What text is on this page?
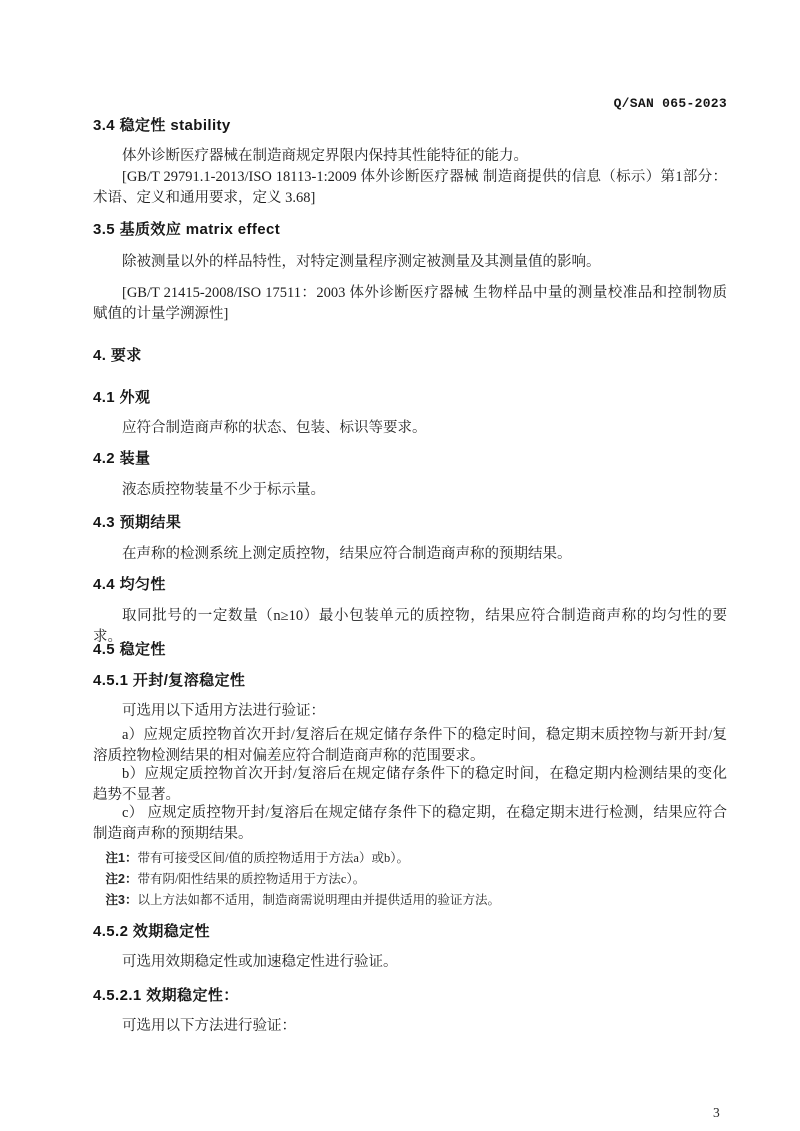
Q/SAN 065-2023
3.4 稳定性 stability
体外诊断医疗器械在制造商规定界限内保持其性能特征的能力。
[GB/T 29791.1-2013/ISO 18113-1:2009 体外诊断医疗器械 制造商提供的信息（标示）第1部分：术语、定义和通用要求，定义 3.68]
3.5 基质效应 matrix effect
除被测量以外的样品特性，对特定测量程序测定被测量及其测量值的影响。
[GB/T 21415-2008/ISO 17511：2003 体外诊断医疗器械 生物样品中量的测量校准品和控制物质赋值的计量学溯源性]
4. 要求
4.1 外观
应符合制造商声称的状态、包装、标识等要求。
4.2 装量
液态质控物装量不少于标示量。
4.3 预期结果
在声称的检测系统上测定质控物，结果应符合制造商声称的预期结果。
4.4 均匀性
取同批号的一定数量（n≥10）最小包装单元的质控物，结果应符合制造商声称的均匀性的要求。
4.5 稳定性
4.5.1 开封/复溶稳定性
可选用以下适用方法进行验证：
a）应规定质控物首次开封/复溶后在规定储存条件下的稳定时间，稳定期末质控物与新开封/复溶质控物检测结果的相对偏差应符合制造商声称的范围要求。
b）应规定质控物首次开封/复溶后在规定储存条件下的稳定时间，在稳定期内检测结果的变化趋势不显著。
c） 应规定质控物开封/复溶后在规定储存条件下的稳定期，在稳定期末进行检测，结果应符合制造商声称的预期结果。
注1：带有可接受区间/值的质控物适用于方法a）或b）。
注2：带有阴/阳性结果的质控物适用于方法c）。
注3：以上方法如都不适用，制造商需说明理由并提供适用的验证方法。
4.5.2 效期稳定性
可选用效期稳定性或加速稳定性进行验证。
4.5.2.1 效期稳定性：
可选用以下方法进行验证：
3
